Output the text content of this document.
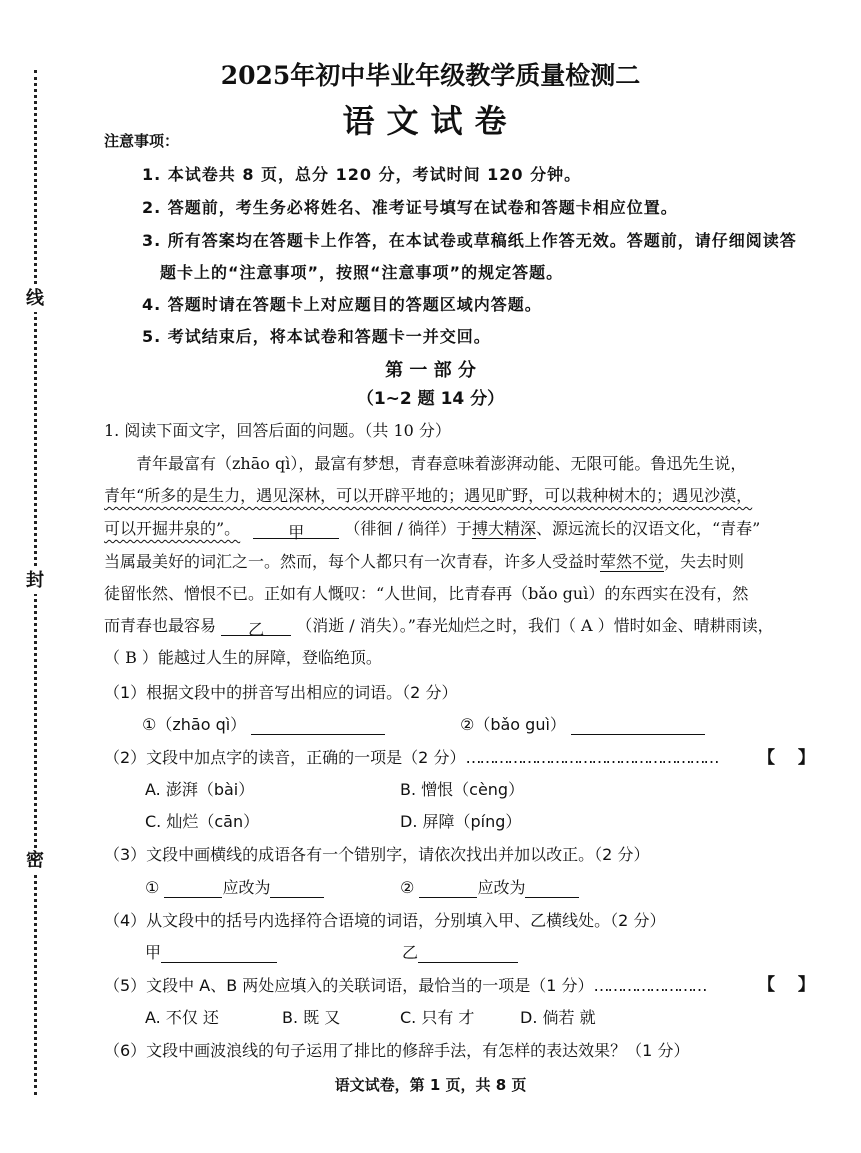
线
封
密
2025年初中毕业年级教学质量检测二
语文试卷
注意事项：
1. 本试卷共 8 页，总分 120 分，考试时间 120 分钟。
2. 答题前，考生务必将姓名、准考证号填写在试卷和答题卡相应位置。
3. 所有答案均在答题卡上作答，在本试卷或草稿纸上作答无效。答题前，请仔细阅读答
题卡上的“注意事项”，按照“注意事项”的规定答题。
4. 答题时请在答题卡上对应题目的答题区域内答题。
5. 考试结束后，将本试卷和答题卡一并交回。
第 一 部 分
（1~2 题 14 分）
1. 阅读下面文字，回答后面的问题。（共 10 分）
青年最富有（zhāo qì），最富有梦想，青春意味着澎湃动能、无限可能。鲁迅先生说，
青年“所多的是生力，遇见深林，可以开辟平地的；遇见旷野，可以栽种树木的；遇见沙漠，
可以开掘井泉的”。	甲	（徘徊 / 徜徉）于搏大精深、源远流长的汉语文化，“青春”
当属最美好的词汇之一。然而，每个人都只有一次青春，许多人受益时荤然不觉，失去时则
徒留怅然、憎恨不已。正如有人慨叹：“人世间，比青春再（bǎo guì）的东西实在没有，然
而青春也最容易 乙 （消逝 / 消失）。”春光灿烂之时，我们（ A ）惜时如金、晴耕雨读，
（ B ）能越过人生的屏障，登临绝顶。
（1）根据文段中的拼音写出相应的词语。（2 分）
①（zhāo qì）	②（bǎo guì）
（2）文段中加点字的读音，正确的一项是（2 分）……………………………………………… 【　 】
A. 澎湃（bài）	B. 憎恨（cèng）
C. 灿烂（cān）	D. 屏障（píng）
（3）文段中画横线的成语各有一个错别字，请依次找出并加以改正。（2 分）
①	应改为	②	应改为
（4）从文段中的括号内选择符合语境的词语，分别填入甲、乙横线处。（2 分）
甲	乙
（5）文段中 A、B 两处应填入的关联词语，最恰当的一项是（1 分）……………………	【　 】
A. 不仅 还	B. 既 又	C. 只有 才	D. 倘若 就
（6）文段中画波浪线的句子运用了排比的修辞手法，有怎样的表达效果？（1 分）
语文试卷，第 1 页，共 8 页
